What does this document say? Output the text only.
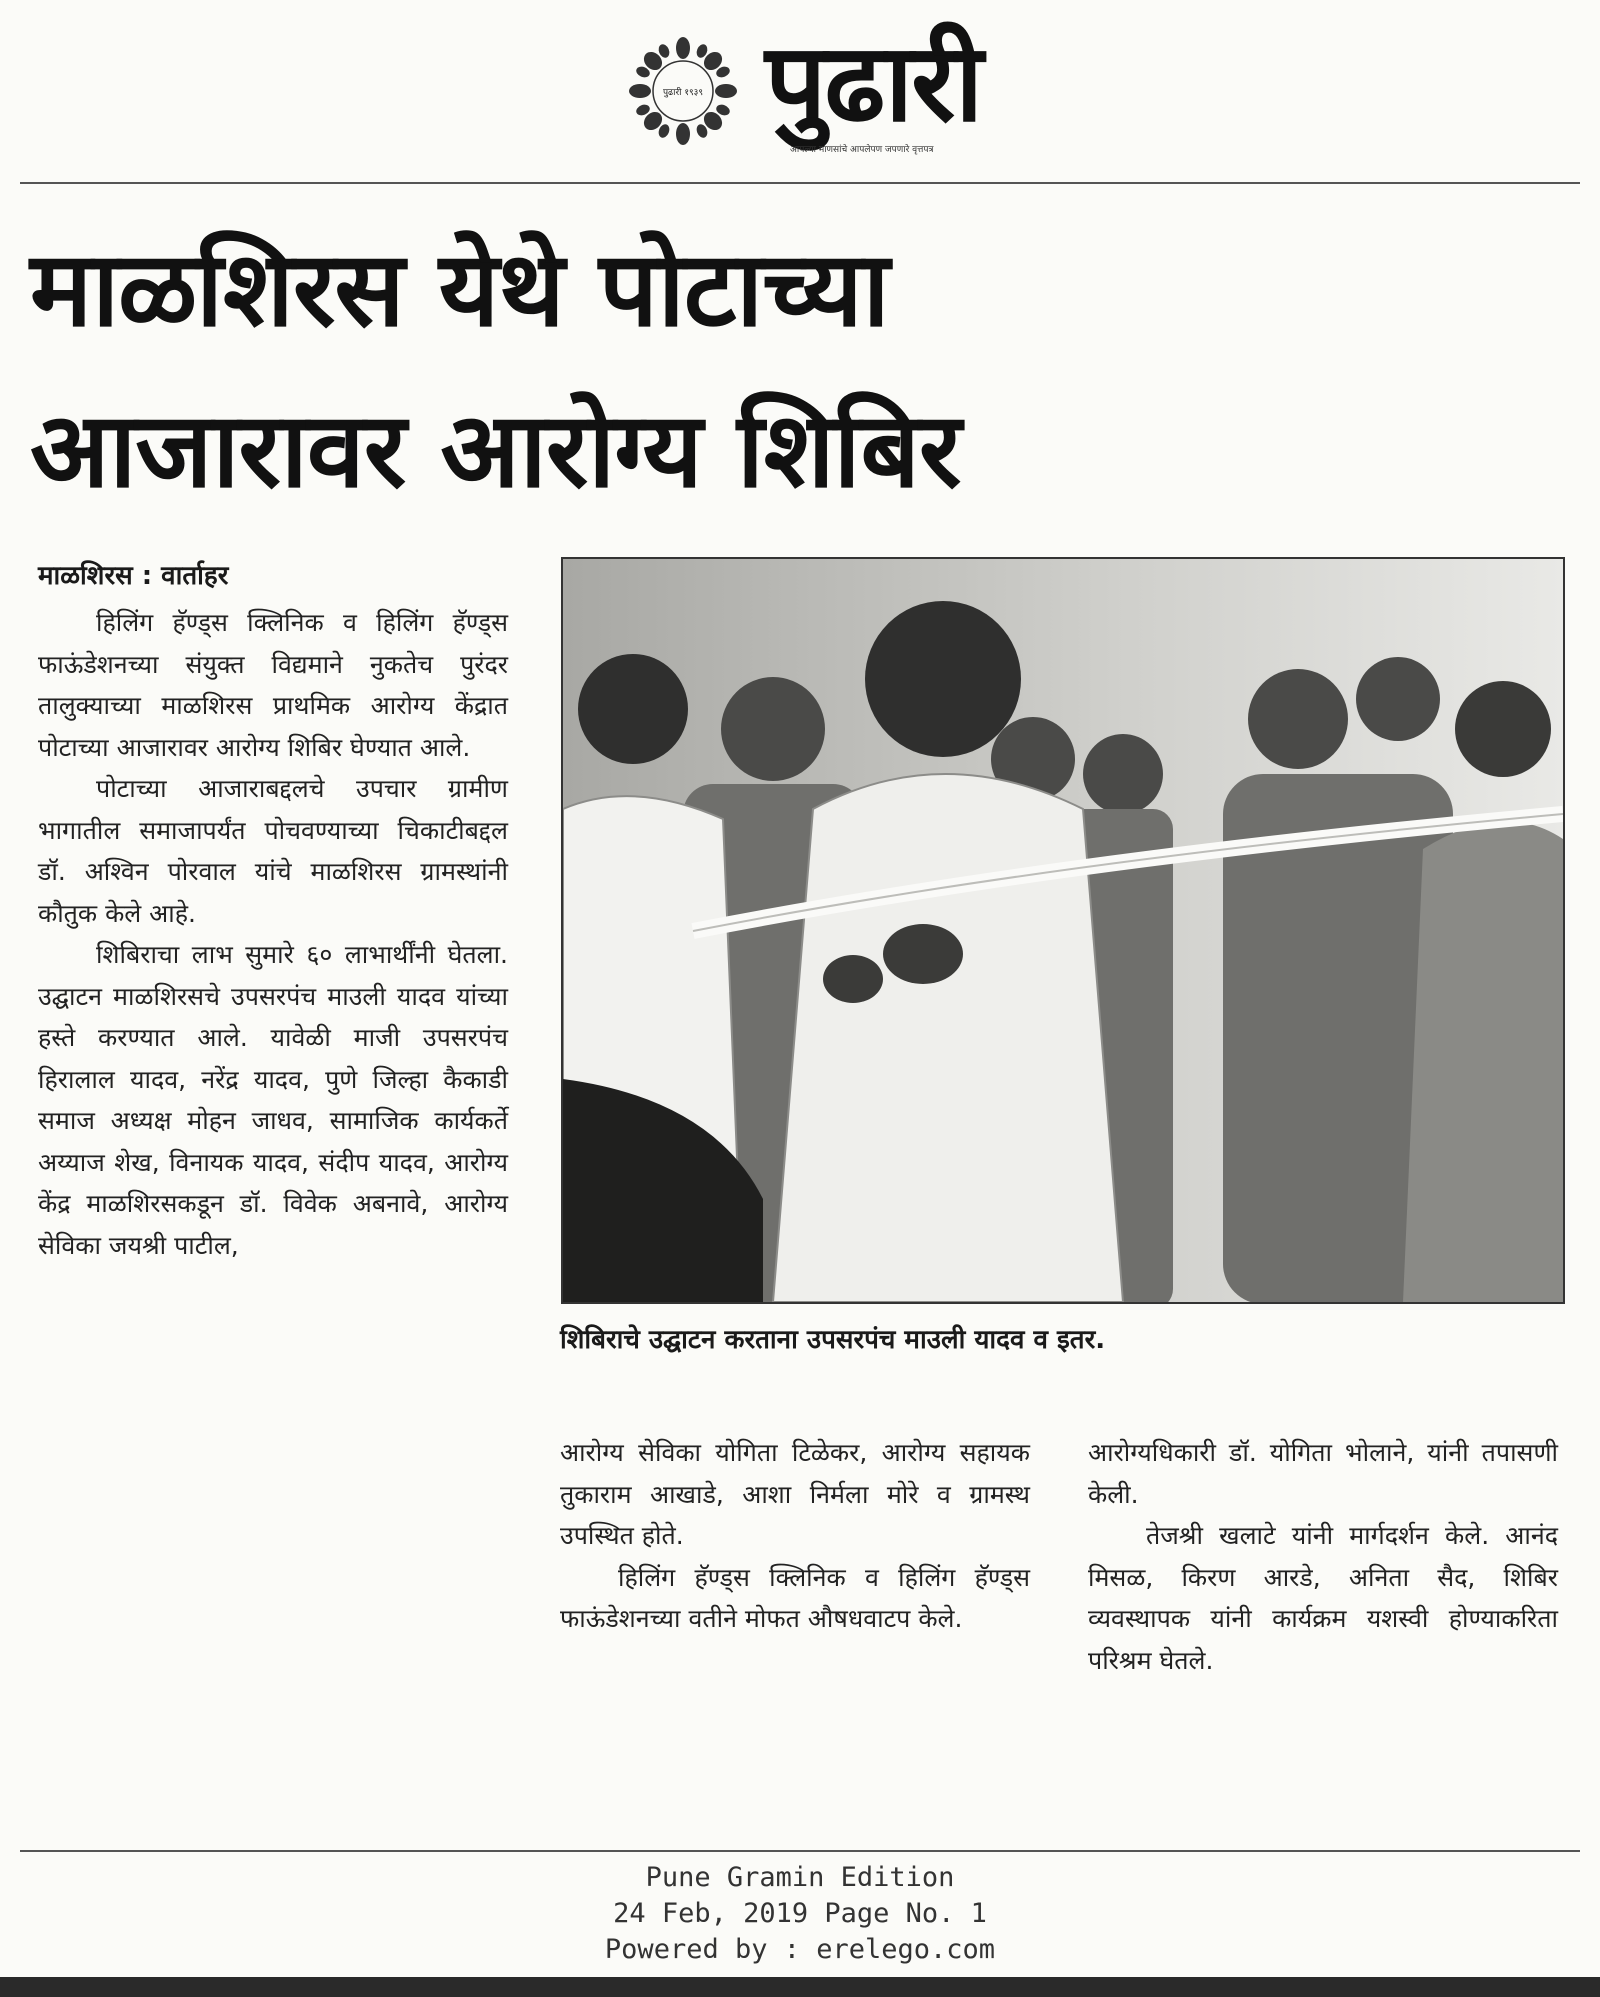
पुढारी १९३९ पुढारी
आपल्या माणसांचे आपलेपण जपणारे वृत्तपत्र
माळशिरस येथे पोटाच्या
आजारावर आरोग्य शिबिर
माळशिरस : वार्ताहर

हिलिंग हॅण्ड्स क्लिनिक व हिलिंग हॅण्ड्स फाऊंडेशनच्या संयुक्त विद्यमाने नुकतेच पुरंदर तालुक्याच्या माळशिरस प्राथमिक आरोग्य केंद्रात पोटाच्या आजारावर आरोग्य शिबिर घेण्यात आले.

पोटाच्या आजाराबद्दलचे उपचार ग्रामीण भागातील समाजापर्यंत पोचवण्याच्या चिकाटीबद्दल डॉ. अश्विन पोरवाल यांचे माळशिरस ग्रामस्थांनी कौतुक केले आहे.

शिबिराचा लाभ सुमारे ६० लाभार्थींनी घेतला. उद्घाटन माळशिरसचे उपसरपंच माउली यादव यांच्या हस्ते करण्यात आले. यावेळी माजी उपसरपंच हिरालाल यादव, नरेंद्र यादव, पुणे जिल्हा कैकाडी समाज अध्यक्ष मोहन जाधव, सामाजिक कार्यकर्ते अय्याज शेख, विनायक यादव, संदीप यादव, आरोग्य केंद्र माळशिरसकडून डॉ. विवेक अबनावे, आरोग्य सेविका जयश्री पाटील,

शिबिराचे उद्घाटन करताना उपसरपंच माउली यादव व इतर.

आरोग्य सेविका योगिता टिळेकर, आरोग्य सहायक तुकाराम आखाडे, आशा निर्मला मोरे व ग्रामस्थ उपस्थित होते.

हिलिंग हॅण्ड्स क्लिनिक व हिलिंग हॅण्ड्स फाऊंडेशनच्या वतीने मोफत औषधवाटप केले.

आरोग्यधिकारी डॉ. योगिता भोलाने, यांनी तपासणी केली.

तेजश्री खलाटे यांनी मार्गदर्शन केले. आनंद मिसळ, किरण आरडे, अनिता सैद, शिबिर व्यवस्थापक यांनी कार्यक्रम यशस्वी होण्याकरिता परिश्रम घेतले.

Pune Gramin Edition
24 Feb, 2019 Page No. 1
Powered by : erelego.com
